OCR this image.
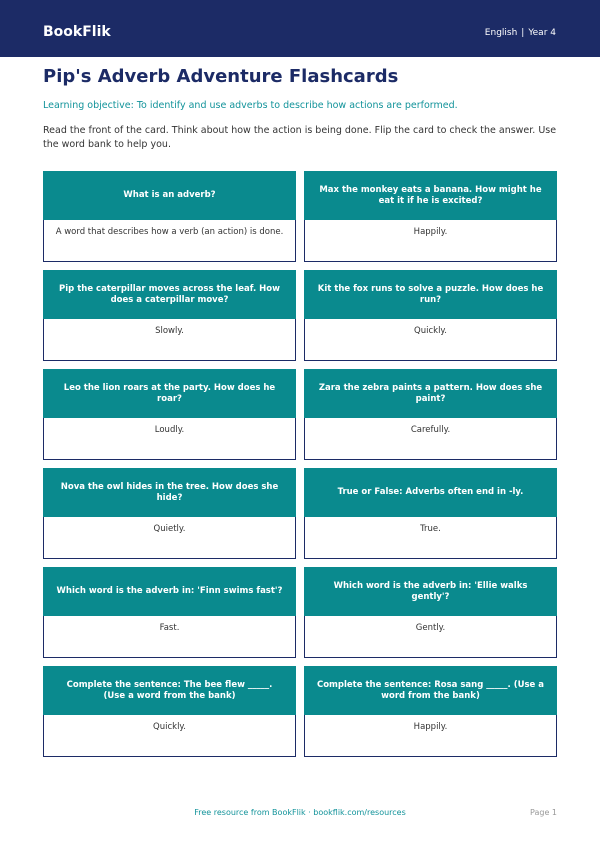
BookFlik	English | Year 4
Pip's Adverb Adventure Flashcards

Learning objective: To identify and use adverbs to describe how actions are performed.

Read the front of the card. Think about how the action is being done. Flip the card to check the answer. Use the word bank to help you.

What is an adverb?
A word that describes how a verb (an action) is done.
Max the monkey eats a banana. How might he eat it if he is excited?
Happily.
Pip the caterpillar moves across the leaf. How does a caterpillar move?
Slowly.
Kit the fox runs to solve a puzzle. How does he run?
Quickly.
Leo the lion roars at the party. How does he roar?
Loudly.
Zara the zebra paints a pattern. How does she paint?
Carefully.
Nova the owl hides in the tree. How does she hide?
Quietly.
True or False: Adverbs often end in -ly.
True.
Which word is the adverb in: 'Finn swims fast'?
Fast.
Which word is the adverb in: 'Ellie walks gently'?
Gently.
Complete the sentence: The bee flew _____. (Use a word from the bank)
Quickly.
Complete the sentence: Rosa sang _____. (Use a word from the bank)
Happily.
Free resource from BookFlik · bookflik.com/resources	Page 1
